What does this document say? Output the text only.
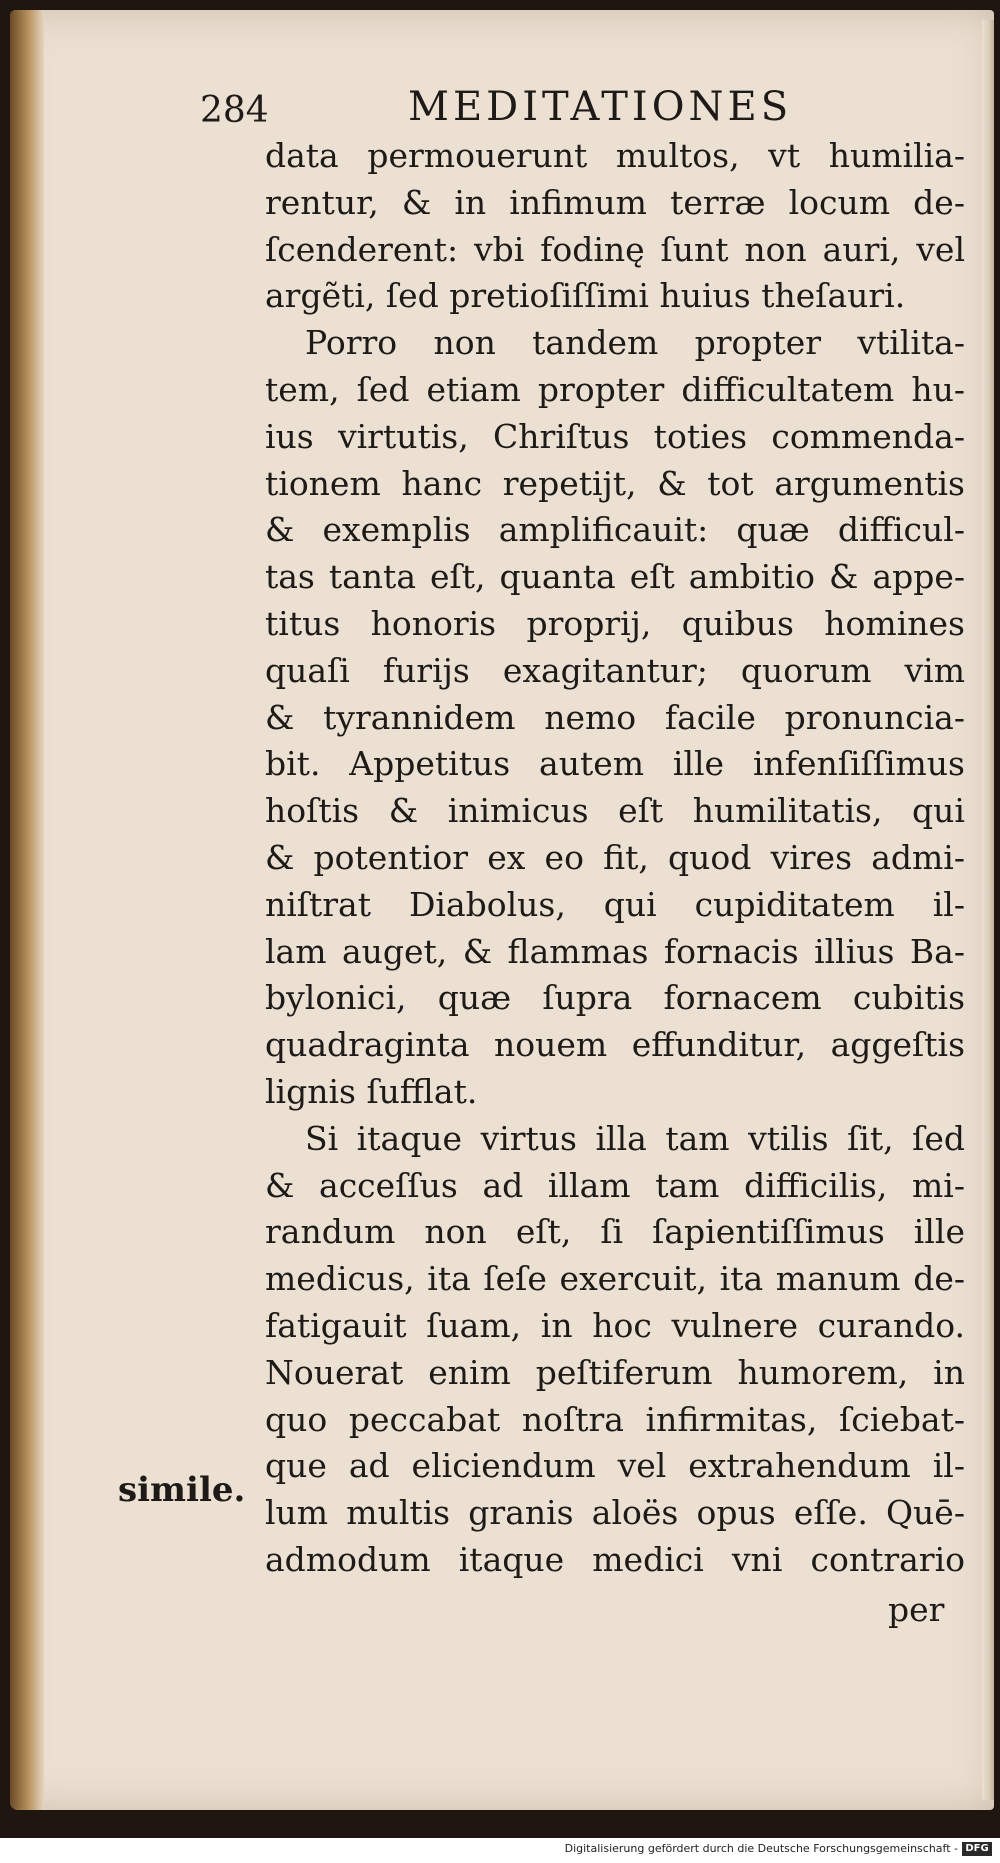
284	MEDITATIONES
data permouerunt multos, vt humilia-
rentur, & in infimum terræ locum de-
ſcenderent: vbi fodinę ſunt non auri, vel
argẽti, ſed pretioſiſſimi huius theſauri.
Porro non tandem propter vtilita-
tem, ſed etiam propter difficultatem hu-
ius virtutis, Chriſtus toties commenda-
tionem hanc repetijt, & tot argumentis
& exemplis amplificauit: quæ difficul-
tas tanta eſt, quanta eſt ambitio & appe-
titus honoris proprij, quibus homines
quaſi furijs exagitantur; quorum vim
& tyrannidem nemo facile pronuncia-
bit. Appetitus autem ille infenſiſſimus
hoſtis & inimicus eſt humilitatis, qui
& potentior ex eo fit, quod vires admi-
niſtrat Diabolus, qui cupiditatem il-
lam auget, & flammas fornacis illius Ba-
bylonici, quæ ſupra fornacem cubitis
quadraginta nouem effunditur, aggeſtis
lignis ſufflat.
Si itaque virtus illa tam vtilis ſit, ſed
& acceſſus ad illam tam difficilis, mi-
randum non eſt, ſi ſapientiſſimus ille
medicus, ita ſeſe exercuit, ita manum de-
fatigauit ſuam, in hoc vulnere curando.
Nouerat enim peſtiferum humorem, in
quo peccabat noſtra infirmitas, ſciebat-
que ad eliciendum vel extrahendum il-
lum multis granis aloës opus eſſe. Quē-
admodum itaque medici vni contrario
simile.
per
Digitalisierung gefördert durch die Deutsche Forschungsgemeinschaft - DFG
